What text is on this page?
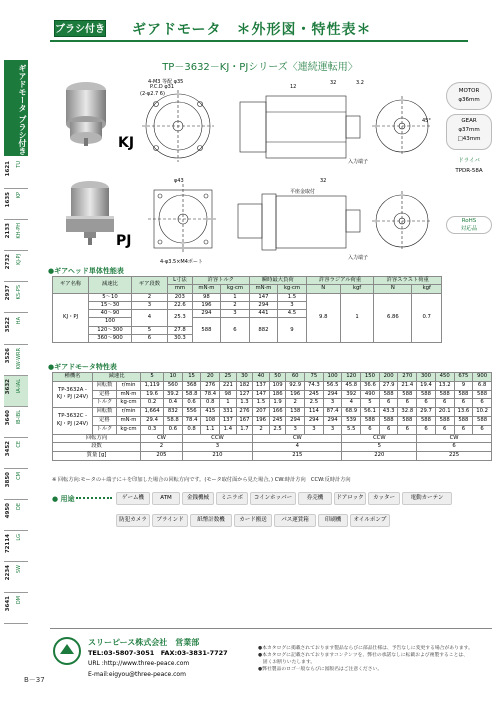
ブラシ付き ギアドモータ　＊外形図・特性表＊
ギアドモータ ブラシ付き
1621	TU
1635	KP
2133	KH-PH
2732	KJ-PJ
2937	KS-PS
3522	HA
3526	KW-WRR
3632	IA-IAL
3640	IB-IBL
3452	CE
3850	CM
4950	DE
72114	LG
2234	SW
3641	DM
TP－3632－KJ・PJシリーズ〈連続運転用〉
KJ
PJ
4-M3 等配 φ35
P.C.D φ31
(2-φ2.7 6)
12
32	3.2
入力端子
45°
φ43
4-φ3.5×M4ボート
32
平座金取付
入力端子
MOTOR
φ36mm
GEAR
φ37mm
□43mm
ドライバ
TPDR-58A
RoHS
対応品
●ギアヘッド単体性能表
ギア名称	減速比	ギア段数	L寸法	許容トルク		瞬時最大負荷		許容ラジアル荷重		許容スラスト荷重	
			mm	mN·m	kg·cm	mN·m	kg·cm	N	kgf	N	kgf
KJ・PJ	5〜10	2	203	98	1	147	1.5	9.8	1	6.86	0.7
	15〜30	3	22.6	196	2	294	3				
	40〜90	4	25.3	294	3	441	4.5				
	100			588	6	882	9				
	120〜300	5	27.8								
	360〜900	6	30.3								
●ギアドモータ特性表
種機名	減速比		5	10	15	20	25	30	40	50	60	75	100	120	150	200	270	300	450	675	900
TP-3632A -KJ・PJ (24V)	回転数	r/min	1,119	560	368	276	221	182	137	109	92.9	74.3	56.5	45.8	36.6	27.9	21.4	19.4	13.2	9	6.8
	定格	mN·m	19.6	39.2	58.8	78.4	98	127	147	186	196	245	294	392	490	588	588	588	588	588	588
	トルク	kg·cm	0.2	0.4	0.6	0.8	1	1.3	1.5	1.9	2	2.5	3	4	5	6	6	6	6	6	6
TP-3632C -KJ・PJ (24V)	回転数	r/min	1,664	832	556	415	331	276	207	166	138	114	87.4	68.9	56.1	43.3	32.8	29.7	20.1	13.6	10.2
	定格	mN·m	29.4	58.8	78.4	108	137	167	196	245	294	294	294	539	588	588	588	588	588	588	588
	トルク	kg·cm	0.3	0.6	0.8	1.1	1.4	1.7	2	2.5	3	3	3	5.5	6	6	6	6	6	6	6
回転方向			CW		CCW				CW					CCW				CW			
段数			2		3				4					5				6			
質量 [g]			205		210				215					220				225			
※ 回転方向:モータの＋端子に＋を印加した場合の回転方向です。(モータ取付面から見た場合。) CW:時計方向　CCW:反時計方向
● 用途	ゲーム機	ATM	金銭機械	ミニラボ	コインホッパー	券売機	ドアロック	カッター	電動カーテン
防犯カメラ	ブラインド	紙幣計数機	カード搬送	パス運賃箱	印刷機	オイルポンプ
スリーピース株式会社　営業部
TEL:03-5807-3051　FAX:03-3831-7727
URL :http://www.three-peace.com
E-mail:eigyou@three-peace.com
●本カタログに掲載されております製品ならびに部品仕様は、予告なしに変更する場合があります。
●本カタログに記載されておりますコンテンツを、弊社の承諾なしに転載および複製することは、
　固くお断りいたします。
●弊社製品のロゴ一般ならびに図版名はご注意ください。
B－37
